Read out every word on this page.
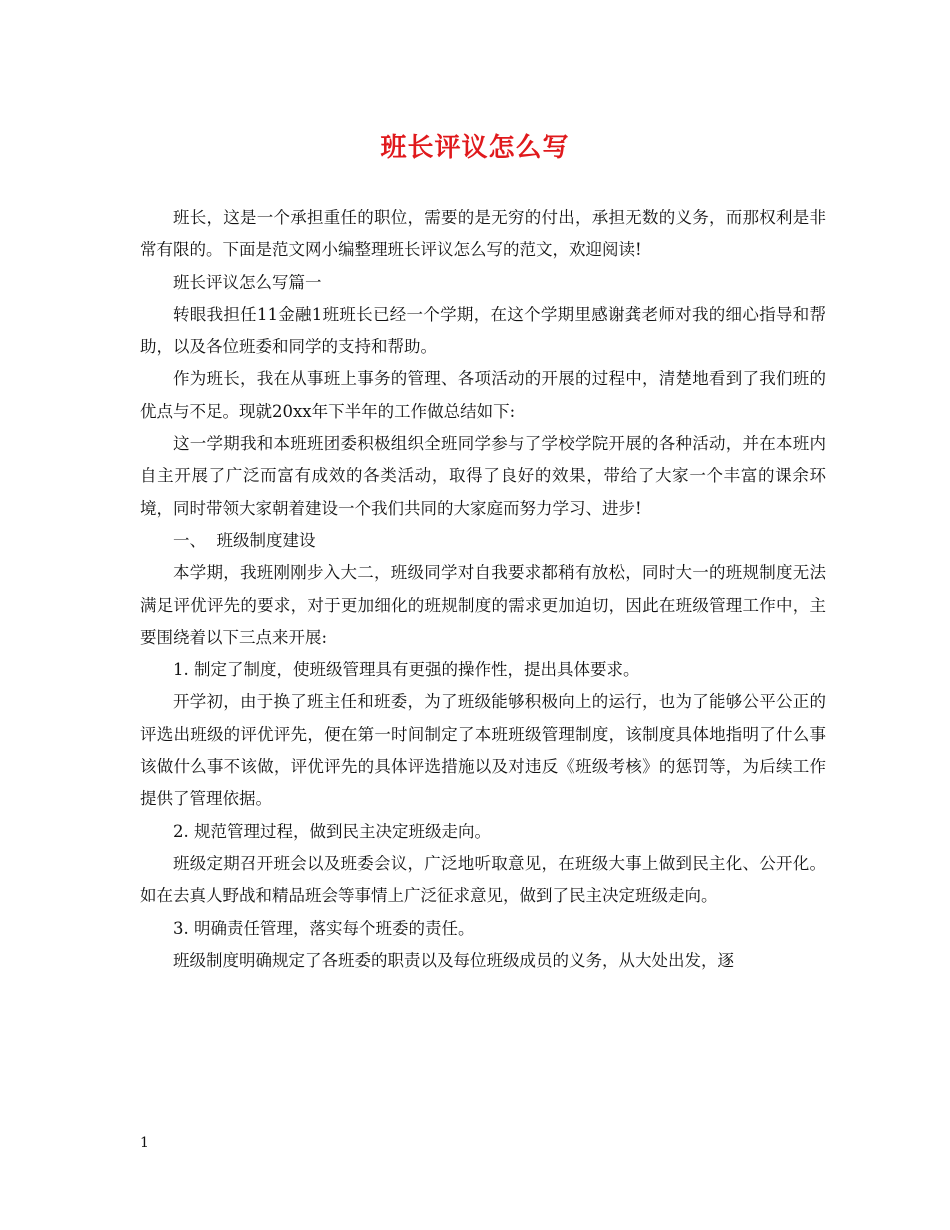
班长评议怎么写

班长，这是一个承担重任的职位，需要的是无穷的付出，承担无数的义务，而那权利是非常有限的。下面是范文网小编整理班长评议怎么写的范文，欢迎阅读!

班长评议怎么写篇一

转眼我担任11金融1班班长已经一个学期，在这个学期里感谢龚老师对我的细心指导和帮助，以及各位班委和同学的支持和帮助。

作为班长，我在从事班上事务的管理、各项活动的开展的过程中，清楚地看到了我们班的优点与不足。现就20xx年下半年的工作做总结如下:

这一学期我和本班班团委积极组织全班同学参与了学校学院开展的各种活动，并在本班内自主开展了广泛而富有成效的各类活动，取得了良好的效果，带给了大家一个丰富的课余环境，同时带领大家朝着建设一个我们共同的大家庭而努力学习、进步!

一、  班级制度建设

本学期，我班刚刚步入大二，班级同学对自我要求都稍有放松，同时大一的班规制度无法满足评优评先的要求，对于更加细化的班规制度的需求更加迫切，因此在班级管理工作中，主要围绕着以下三点来开展:

1. 制定了制度，使班级管理具有更强的操作性，提出具体要求。

开学初，由于换了班主任和班委，为了班级能够积极向上的运行，也为了能够公平公正的评选出班级的评优评先，便在第一时间制定了本班班级管理制度，该制度具体地指明了什么事该做什么事不该做，评优评先的具体评选措施以及对违反《班级考核》的惩罚等，为后续工作提供了管理依据。

2. 规范管理过程，做到民主决定班级走向。

班级定期召开班会以及班委会议，广泛地听取意见，在班级大事上做到民主化、公开化。如在去真人野战和精品班会等事情上广泛征求意见，做到了民主决定班级走向。

3. 明确责任管理，落实每个班委的责任。

班级制度明确规定了各班委的职责以及每位班级成员的义务，从大处出发，逐

1
